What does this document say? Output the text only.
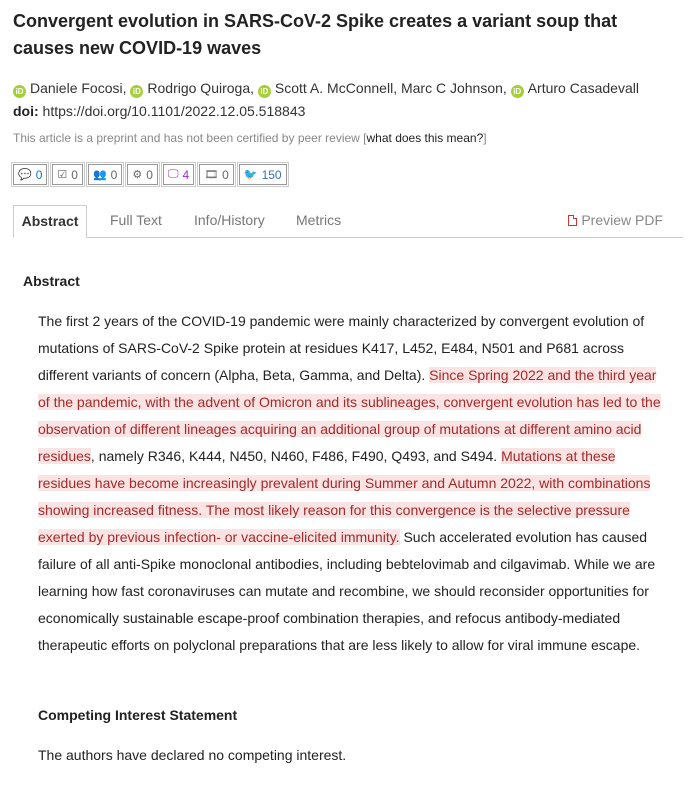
Convergent evolution in SARS-CoV-2 Spike creates a variant soup that causes new COVID-19 waves
iD Daniele Focosi, iD Rodrigo Quiroga, iD Scott A. McConnell, Marc C Johnson, iD Arturo Casadevall
doi: https://doi.org/10.1101/2022.12.05.518843
This article is a preprint and has not been certified by peer review [what does this mean?]
💬 0 ☑ 0 👥 0 ⚙ 0 🖵 4 🎞 0 🐦 150
Abstract	Full Text Info/History Metrics	Preview PDF
Abstract
The first 2 years of the COVID-19 pandemic were mainly characterized by convergent evolution of mutations of SARS-CoV-2 Spike protein at residues K417, L452, E484, N501 and P681 across different variants of concern (Alpha, Beta, Gamma, and Delta). Since Spring 2022 and the third year of the pandemic, with the advent of Omicron and its sublineages, convergent evolution has led to the observation of different lineages acquiring an additional group of mutations at different amino acid residues, namely R346, K444, N450, N460, F486, F490, Q493, and S494. Mutations at these residues have become increasingly prevalent during Summer and Autumn 2022, with combinations showing increased fitness. The most likely reason for this convergence is the selective pressure exerted by previous infection- or vaccine-elicited immunity. Such accelerated evolution has caused failure of all anti-Spike monoclonal antibodies, including bebtelovimab and cilgavimab. While we are learning how fast coronaviruses can mutate and recombine, we should reconsider opportunities for economically sustainable escape-proof combination therapies, and refocus antibody-mediated therapeutic efforts on polyclonal preparations that are less likely to allow for viral immune escape.
Competing Interest Statement
The authors have declared no competing interest.
